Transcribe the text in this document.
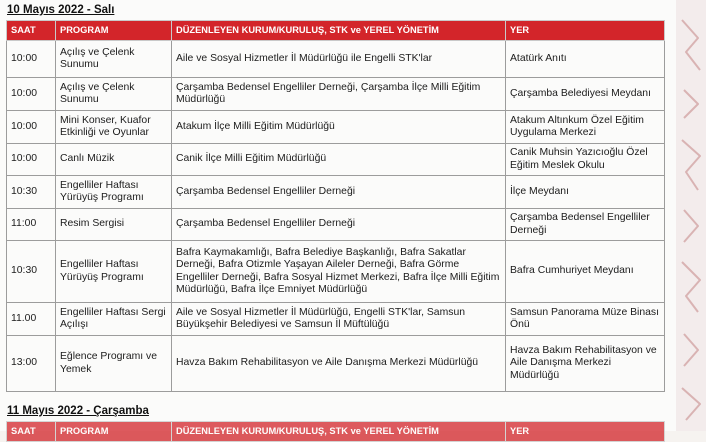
10 Mayıs 2022 - Salı
SAAT	PROGRAM	DÜZENLEYEN KURUM/KURULUŞ, STK ve YEREL YÖNETİM	YER
10:00	Açılış ve Çelenk Sunumu	Aile ve Sosyal Hizmetler İl Müdürlüğü ile Engelli STK'lar	Atatürk Anıtı
10:00	Açılış ve Çelenk Sunumu	Çarşamba Bedensel Engelliler Derneği, Çarşamba İlçe Milli Eğitim Müdürlüğü	Çarşamba Belediyesi Meydanı
10:00	Mini Konser, Kuafor Etkinliği ve Oyunlar	Atakum İlçe Milli Eğitim Müdürlüğü	Atakum Altınkum Özel Eğitim Uygulama Merkezi
10:00	Canlı Müzik	Canik İlçe Milli Eğitim Müdürlüğü	Canik Muhsin Yazıcıoğlu Özel Eğitim Meslek Okulu
10:30	Engelliler Haftası Yürüyüş Programı	Çarşamba Bedensel Engelliler Derneği	İlçe Meydanı
11:00	Resim Sergisi	Çarşamba Bedensel Engelliler Derneği	Çarşamba Bedensel Engelliler Derneği
10:30	Engelliler Haftası Yürüyüş Programı	Bafra Kaymakamlığı, Bafra Belediye Başkanlığı, Bafra Sakatlar Derneği, Bafra Otizmle Yaşayan Aileler Derneği, Bafra Görme Engelliler Derneği, Bafra Sosyal Hizmet Merkezi, Bafra İlçe Milli Eğitim Müdürlüğü, Bafra İlçe Emniyet Müdürlüğü	Bafra Cumhuriyet Meydanı
11.00	Engelliler Haftası Sergi Açılışı	Aile ve Sosyal Hizmetler İl Müdürlüğü, Engelli STK'lar, Samsun Büyükşehir Belediyesi ve Samsun İl Müftülüğü	Samsun Panorama Müze Binası Önü
13:00	Eğlence Programı ve Yemek	Havza Bakım Rehabilitasyon ve Aile Danışma Merkezi Müdürlüğü	Havza Bakım Rehabilitasyon ve Aile Danışma Merkezi Müdürlüğü
11 Mayıs 2022 - Çarşamba
SAAT	PROGRAM	DÜZENLEYEN KURUM/KURULUŞ, STK ve YEREL YÖNETİM	YER
